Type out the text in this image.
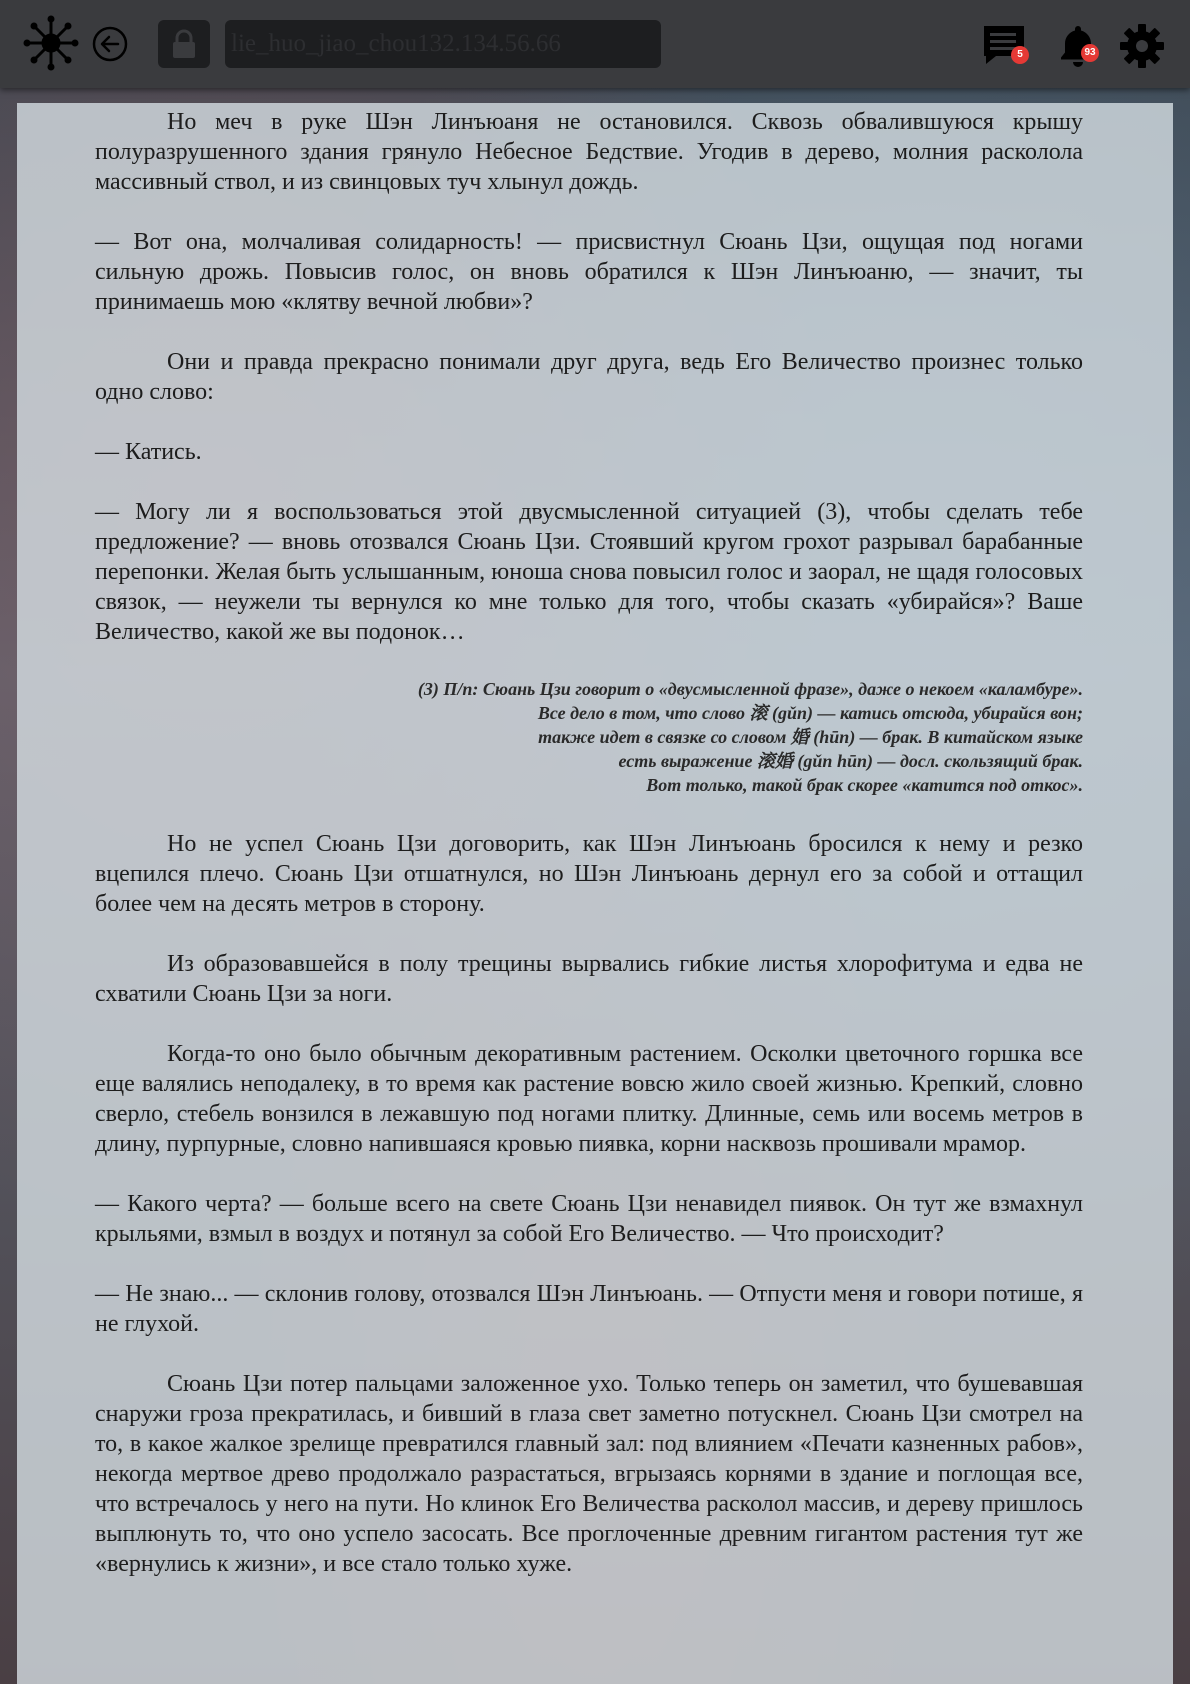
lie_huo_jiao_chou132.134.56.66	5	93

Но меч в руке Шэн Линъюаня не остановился. Сквозь обвалившуюся крышу полуразрушенного здания грянуло Небесное Бедствие. Угодив в дерево, молния расколола массивный ствол, и из свинцовых туч хлынул дождь.

— Вот она, молчаливая солидарность! — присвистнул Сюань Цзи, ощущая под ногами сильную дрожь. Повысив голос, он вновь обратился к Шэн Линъюаню, — значит, ты принимаешь мою «клятву вечной любви»?

Они и правда прекрасно понимали друг друга, ведь Его Величество произнес только одно слово:

— Катись.

— Могу ли я воспользоваться этой двусмысленной ситуацией (3), чтобы сделать тебе предложение? — вновь отозвался Сюань Цзи. Стоявший кругом грохот разрывал барабанные перепонки. Желая быть услышанным, юноша снова повысил голос и заорал, не щадя голосовых связок, — неужели ты вернулся ко мне только для того, чтобы сказать «убирайся»? Ваше Величество, какой же вы подонок…

(3) П/п: Сюань Цзи говорит о «двусмысленной фразе», даже о некоем «каламбуре».
Все дело в том, что слово 滚 (gǔn) — катись отсюда, убирайся вон;
также идет в связке со словом 婚 (hūn) — брак. В китайском языке
есть выражение 滚婚 (gǔn hūn) — досл. скользящий брак.
Вот только, такой брак скорее «катится под откос».

Но не успел Сюань Цзи договорить, как Шэн Линъюань бросился к нему и резко вцепился плечо. Сюань Цзи отшатнулся, но Шэн Линъюань дернул его за собой и оттащил более чем на десять метров в сторону.

Из образовавшейся в полу трещины вырвались гибкие листья хлорофитума и едва не схватили Сюань Цзи за ноги.

Когда-то оно было обычным декоративным растением. Осколки цветочного горшка все еще валялись неподалеку, в то время как растение вовсю жило своей жизнью. Крепкий, словно сверло, стебель вонзился в лежавшую под ногами плитку. Длинные, семь или восемь метров в длину, пурпурные, словно напившаяся кровью пиявка, корни насквозь прошивали мрамор.

— Какого черта? — больше всего на свете Сюань Цзи ненавидел пиявок. Он тут же взмахнул крыльями, взмыл в воздух и потянул за собой Его Величество. — Что происходит?

— Не знаю... — склонив голову, отозвался Шэн Линъюань. — Отпусти меня и говори потише, я не глухой.

Сюань Цзи потер пальцами заложенное ухо. Только теперь он заметил, что бушевавшая снаружи гроза прекратилась, и бивший в глаза свет заметно потускнел. Сюань Цзи смотрел на то, в какое жалкое зрелище превратился главный зал: под влиянием «Печати казненных рабов», некогда мертвое древо продолжало разрастаться, вгрызаясь корнями в здание и поглощая все, что встречалось у него на пути. Но клинок Его Величества расколол массив, и дереву пришлось выплюнуть то, что оно успело засосать. Все проглоченные древним гигантом растения тут же «вернулись к жизни», и все стало только хуже.
